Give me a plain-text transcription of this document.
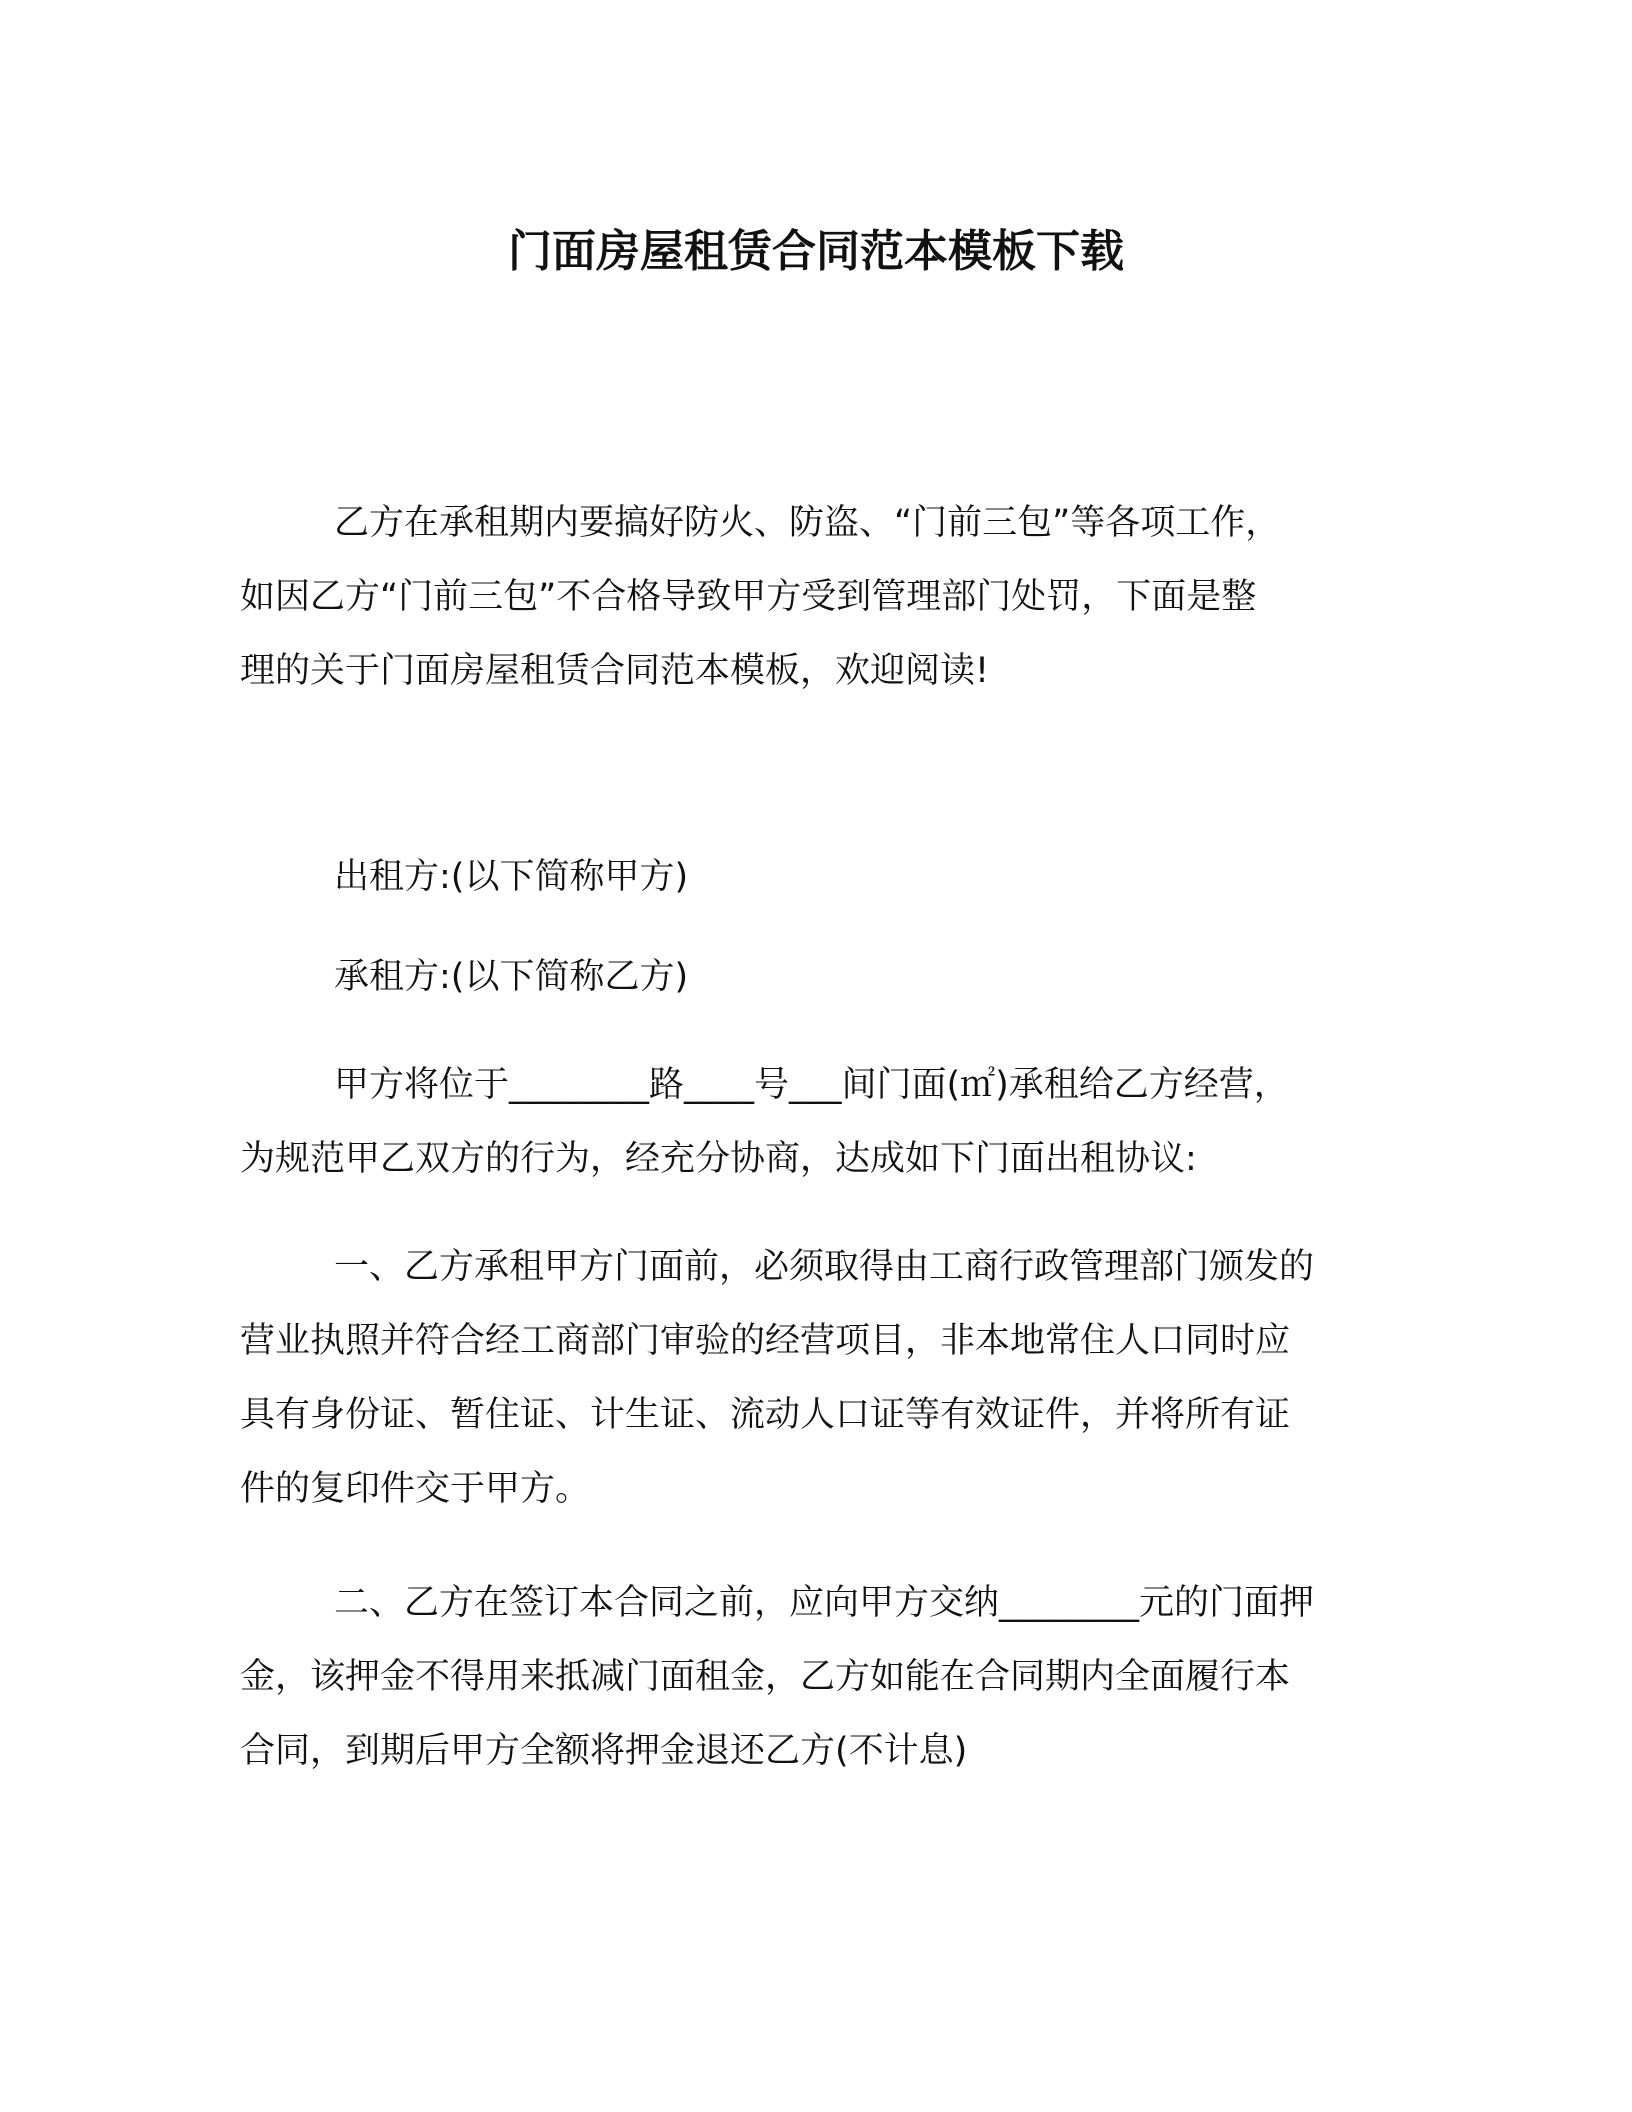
门面房屋租赁合同范本模板下载
乙方在承租期内要搞好防火、防盗、“门前三包”等各项工作，
如因乙方“门前三包”不合格导致甲方受到管理部门处罚，下面是整
理的关于门面房屋租赁合同范本模板，欢迎阅读!
出租方:(以下简称甲方)
承租方:(以下简称乙方)
甲方将位于________路____号___间门面(㎡)承租给乙方经营，
为规范甲乙双方的行为，经充分协商，达成如下门面出租协议:
一、乙方承租甲方门面前，必须取得由工商行政管理部门颁发的
营业执照并符合经工商部门审验的经营项目，非本地常住人口同时应
具有身份证、暂住证、计生证、流动人口证等有效证件，并将所有证
件的复印件交于甲方。
二、乙方在签订本合同之前，应向甲方交纳________元的门面押
金，该押金不得用来抵减门面租金，乙方如能在合同期内全面履行本
合同，到期后甲方全额将押金退还乙方(不计息)
